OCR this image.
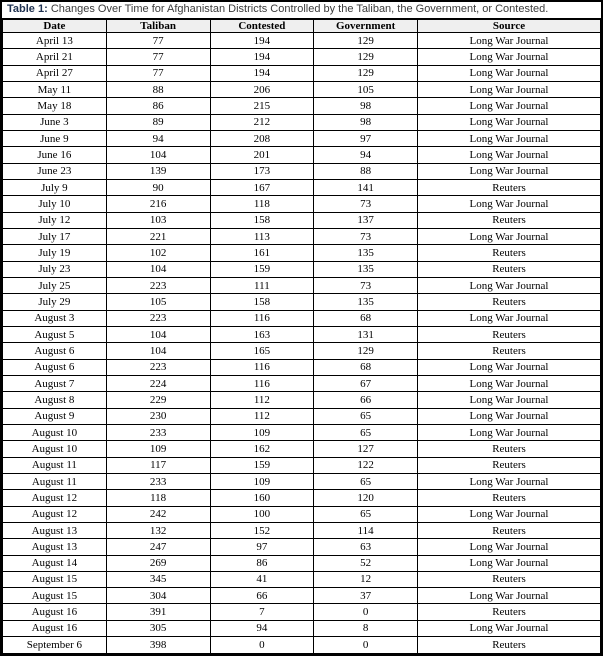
Table 1: Changes Over Time for Afghanistan Districts Controlled by the Taliban, the Government, or Contested.
Date	Taliban	Contested	Government	Source
April 13	77	194	129	Long War Journal
April 21	77	194	129	Long War Journal
April 27	77	194	129	Long War Journal
May 11	88	206	105	Long War Journal
May 18	86	215	98	Long War Journal
June 3	89	212	98	Long War Journal
June 9	94	208	97	Long War Journal
June 16	104	201	94	Long War Journal
June 23	139	173	88	Long War Journal
July 9	90	167	141	Reuters
July 10	216	118	73	Long War Journal
July 12	103	158	137	Reuters
July 17	221	113	73	Long War Journal
July 19	102	161	135	Reuters
July 23	104	159	135	Reuters
July 25	223	111	73	Long War Journal
July 29	105	158	135	Reuters
August 3	223	116	68	Long War Journal
August 5	104	163	131	Reuters
August 6	104	165	129	Reuters
August 6	223	116	68	Long War Journal
August 7	224	116	67	Long War Journal
August 8	229	112	66	Long War Journal
August 9	230	112	65	Long War Journal
August 10	233	109	65	Long War Journal
August 10	109	162	127	Reuters
August 11	117	159	122	Reuters
August 11	233	109	65	Long War Journal
August 12	118	160	120	Reuters
August 12	242	100	65	Long War Journal
August 13	132	152	114	Reuters
August 13	247	97	63	Long War Journal
August 14	269	86	52	Long War Journal
August 15	345	41	12	Reuters
August 15	304	66	37	Long War Journal
August 16	391	7	0	Reuters
August 16	305	94	8	Long War Journal
September 6	398	0	0	Reuters
